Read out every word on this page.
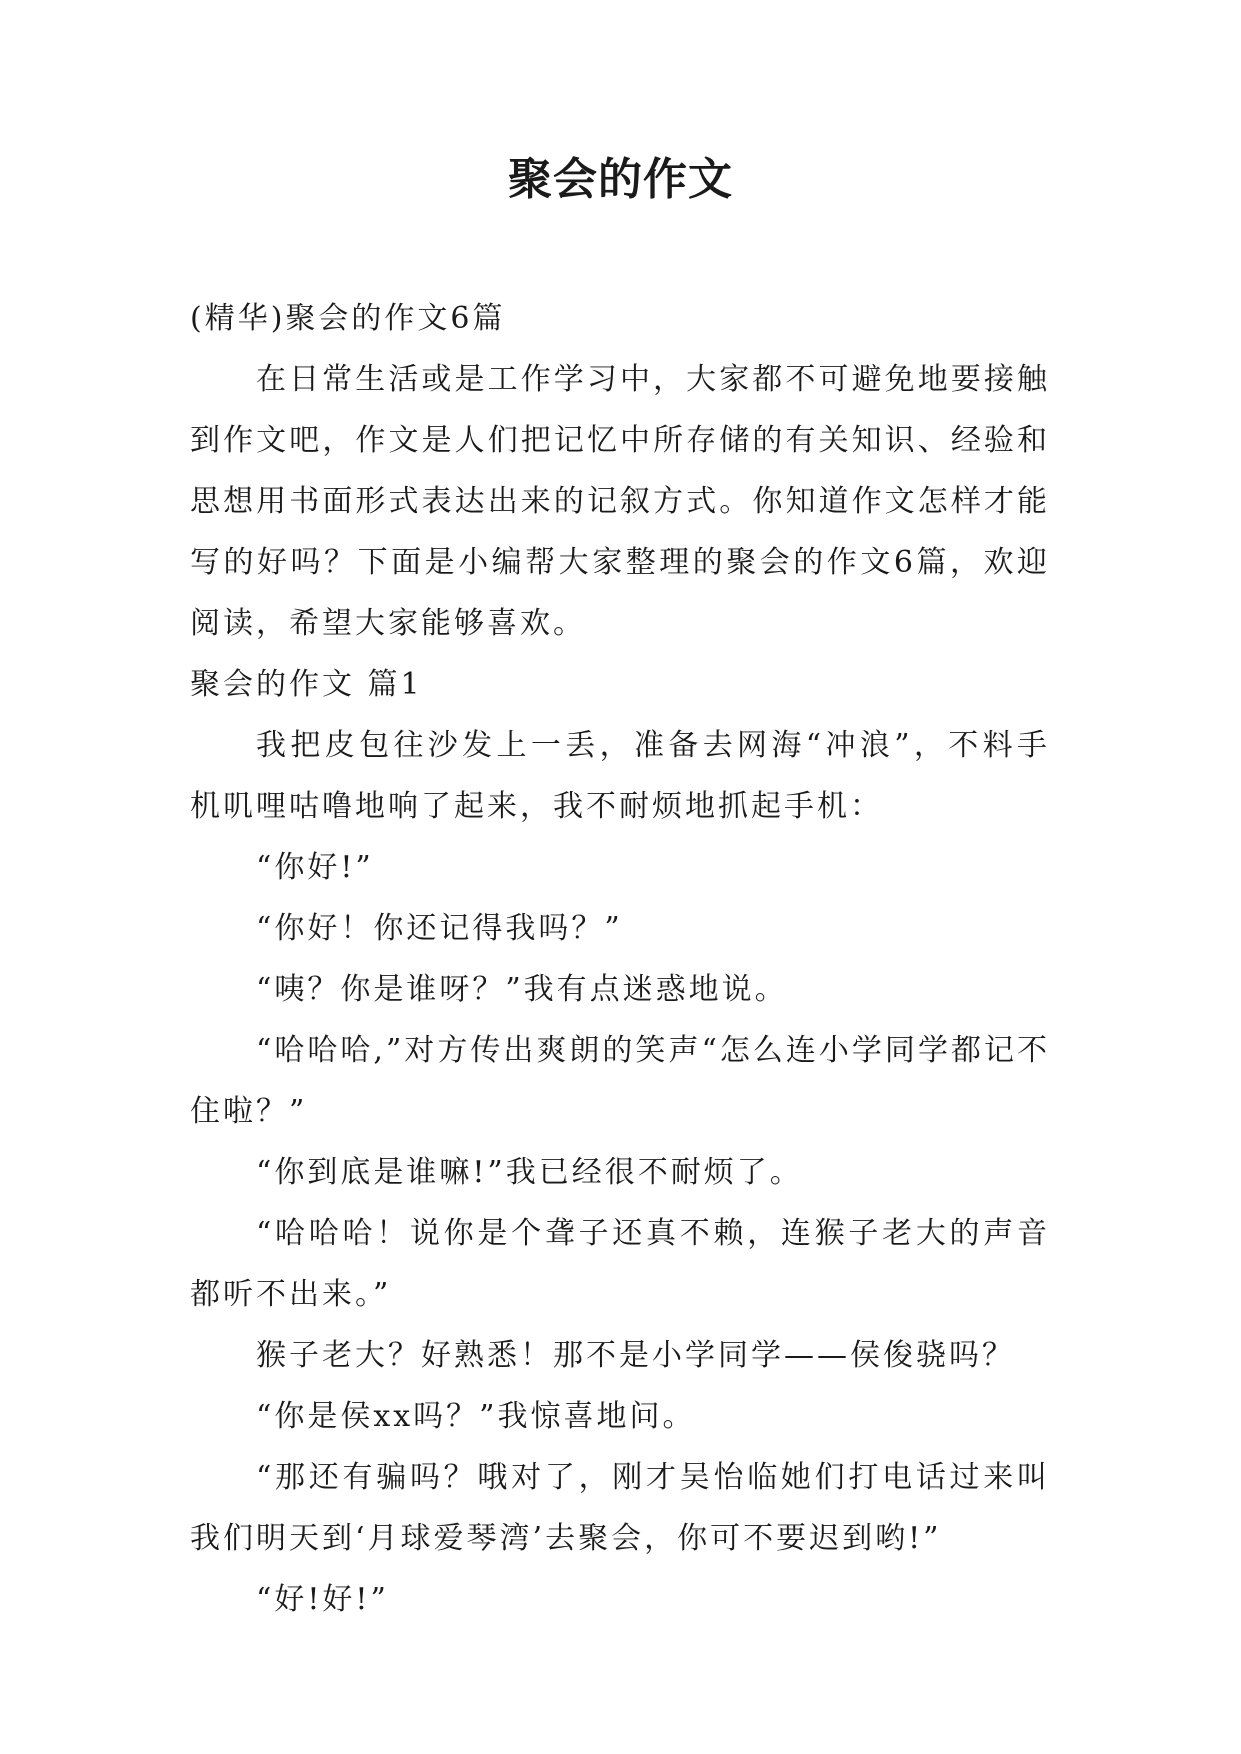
聚会的作文

(精华)聚会的作文6篇

在日常生活或是工作学习中，大家都不可避免地要接触到作文吧，作文是人们把记忆中所存储的有关知识、经验和思想用书面形式表达出来的记叙方式。你知道作文怎样才能写的好吗？下面是小编帮大家整理的聚会的作文6篇，欢迎阅读，希望大家能够喜欢。

聚会的作文 篇1

我把皮包往沙发上一丢，准备去网海“冲浪”，不料手机叽哩咕噜地响了起来，我不耐烦地抓起手机：

“你好!”

“你好！你还记得我吗？”

“咦？你是谁呀？”我有点迷惑地说。

“哈哈哈,”对方传出爽朗的笑声“怎么连小学同学都记不住啦？”

“你到底是谁嘛!”我已经很不耐烦了。

“哈哈哈！说你是个聋子还真不赖，连猴子老大的声音都听不出来。”

猴子老大？好熟悉！那不是小学同学——侯俊骁吗？

“你是侯xx吗？”我惊喜地问。

“那还有骗吗？哦对了，刚才吴怡临她们打电话过来叫我们明天到‘月球爱琴湾’去聚会，你可不要迟到哟!”

“好!好!”
